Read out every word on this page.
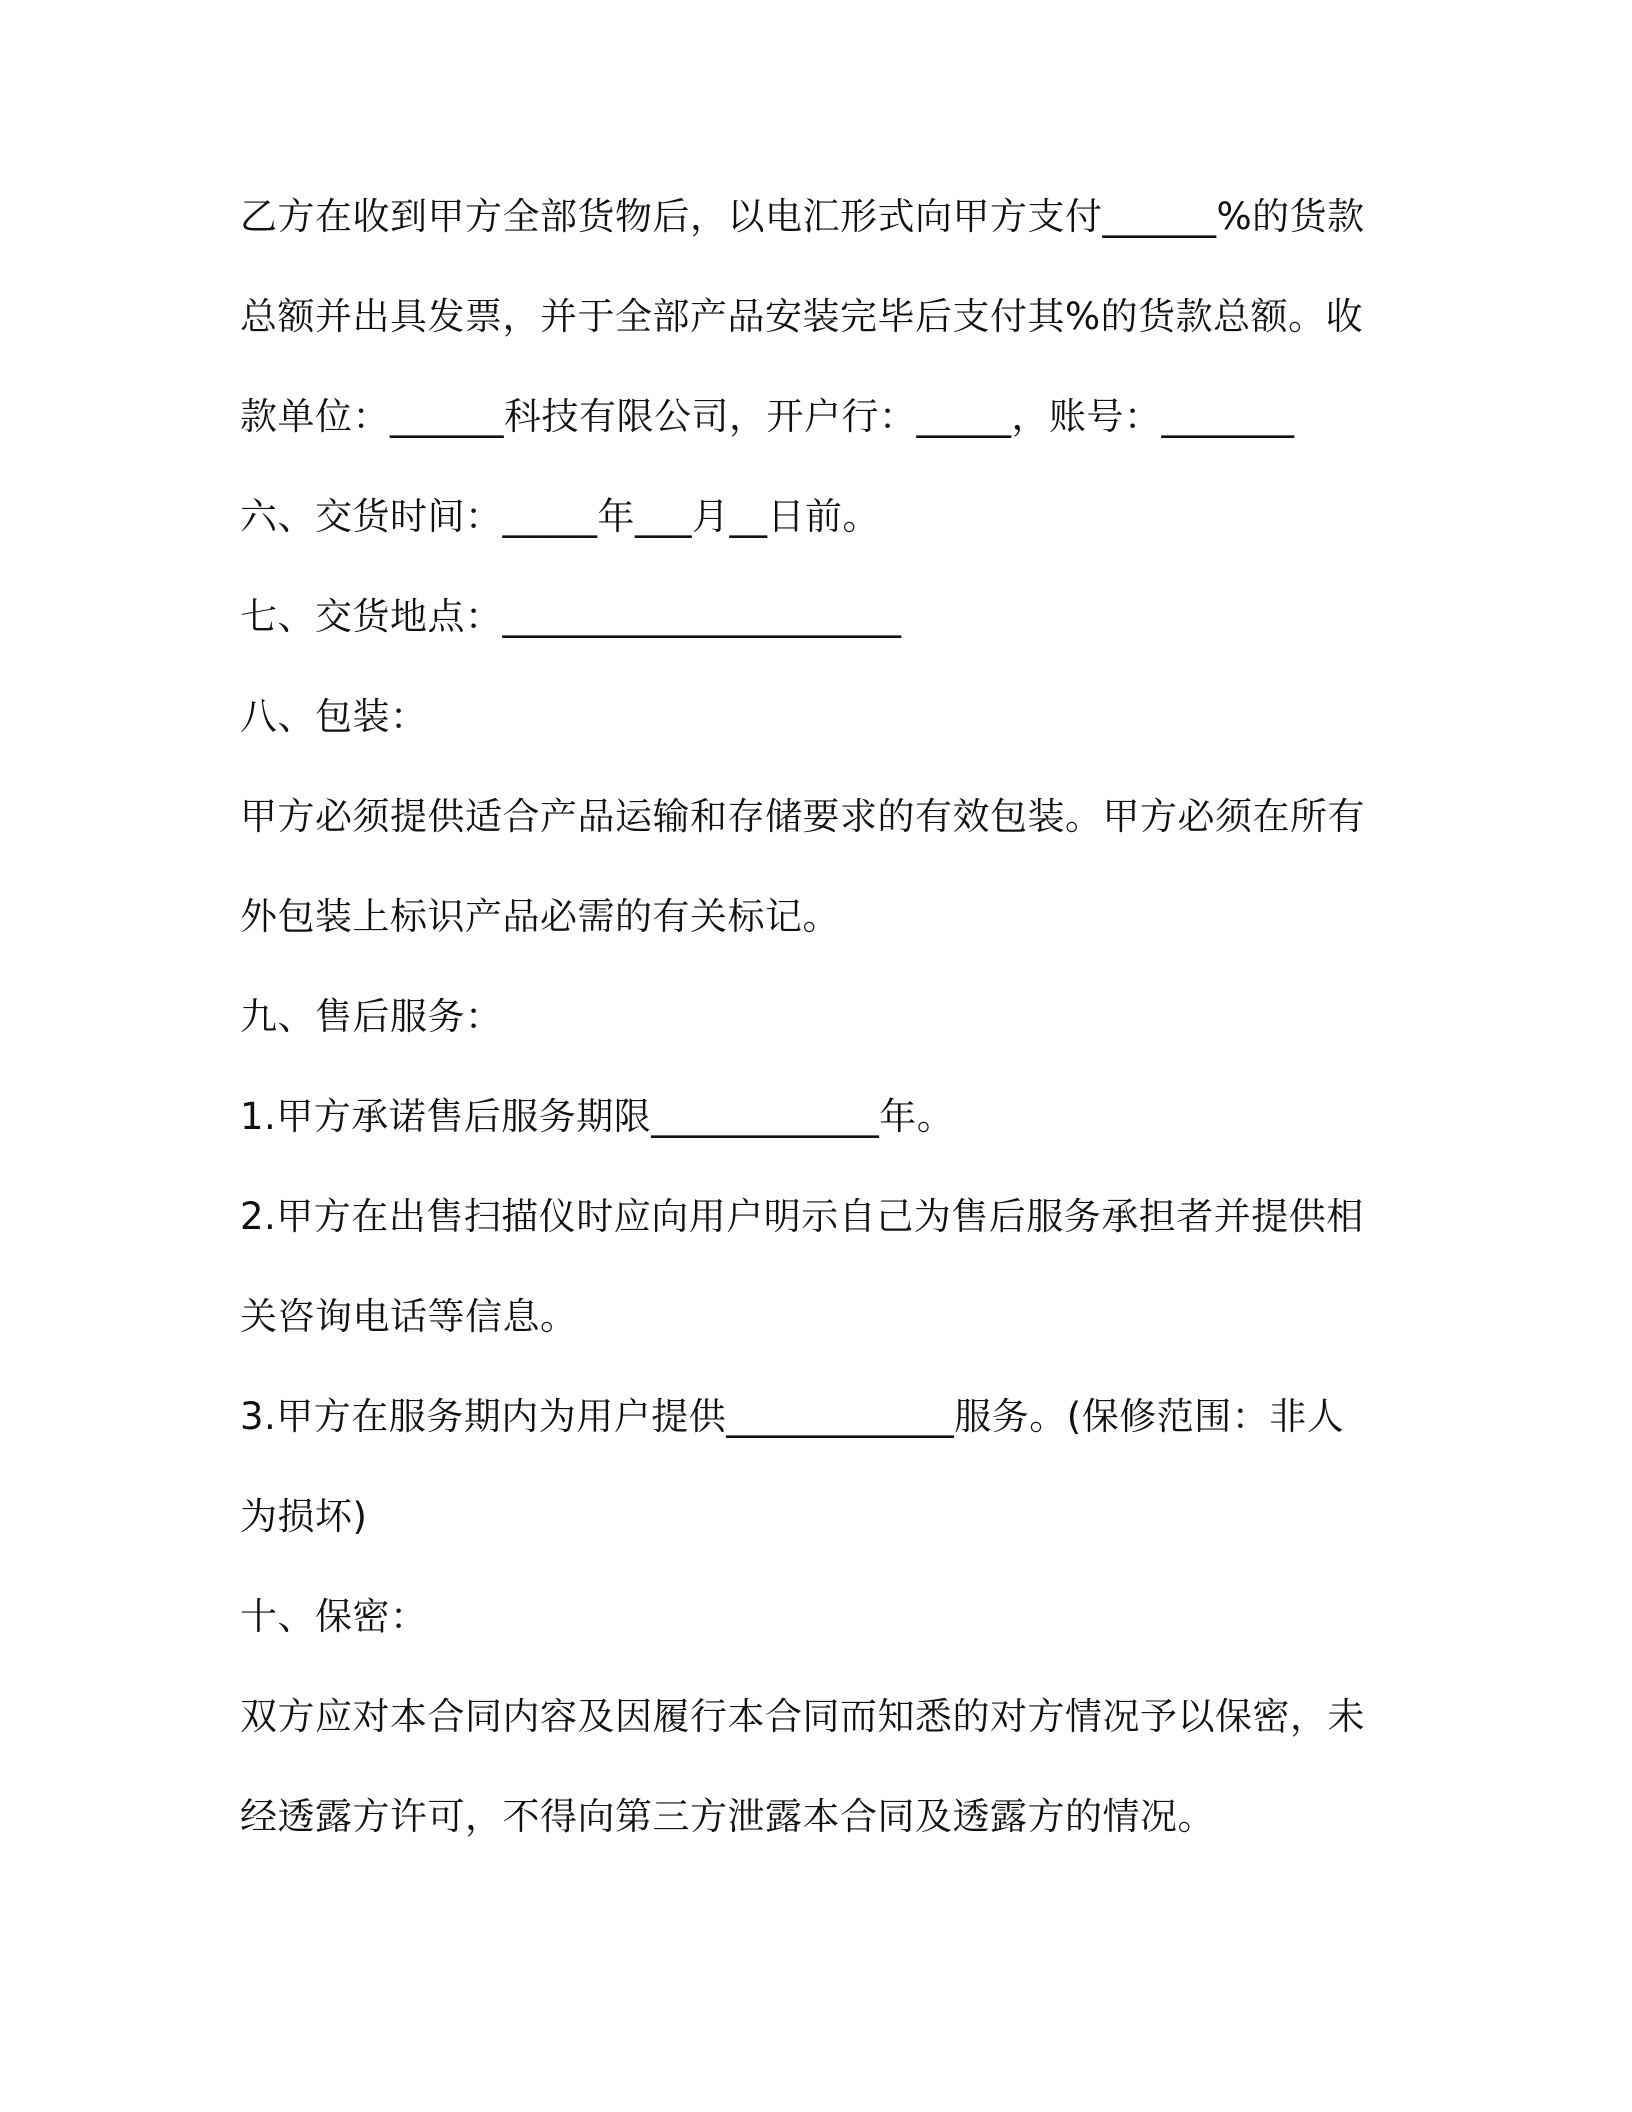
乙方在收到甲方全部货物后，以电汇形式向甲方支付______%的货款
总额并出具发票，并于全部产品安装完毕后支付其%的货款总额。收
款单位：______科技有限公司，开户行：_____，账号：_______
六、交货时间：_____年___月__日前。
七、交货地点：_____________________
八、包装：
甲方必须提供适合产品运输和存储要求的有效包装。甲方必须在所有
外包装上标识产品必需的有关标记。
九、售后服务：
1.甲方承诺售后服务期限____________年。
2.甲方在出售扫描仪时应向用户明示自己为售后服务承担者并提供相
关咨询电话等信息。
3.甲方在服务期内为用户提供____________服务。(保修范围：非人
为损坏)
十、保密：
双方应对本合同内容及因履行本合同而知悉的对方情况予以保密，未
经透露方许可，不得向第三方泄露本合同及透露方的情况。
